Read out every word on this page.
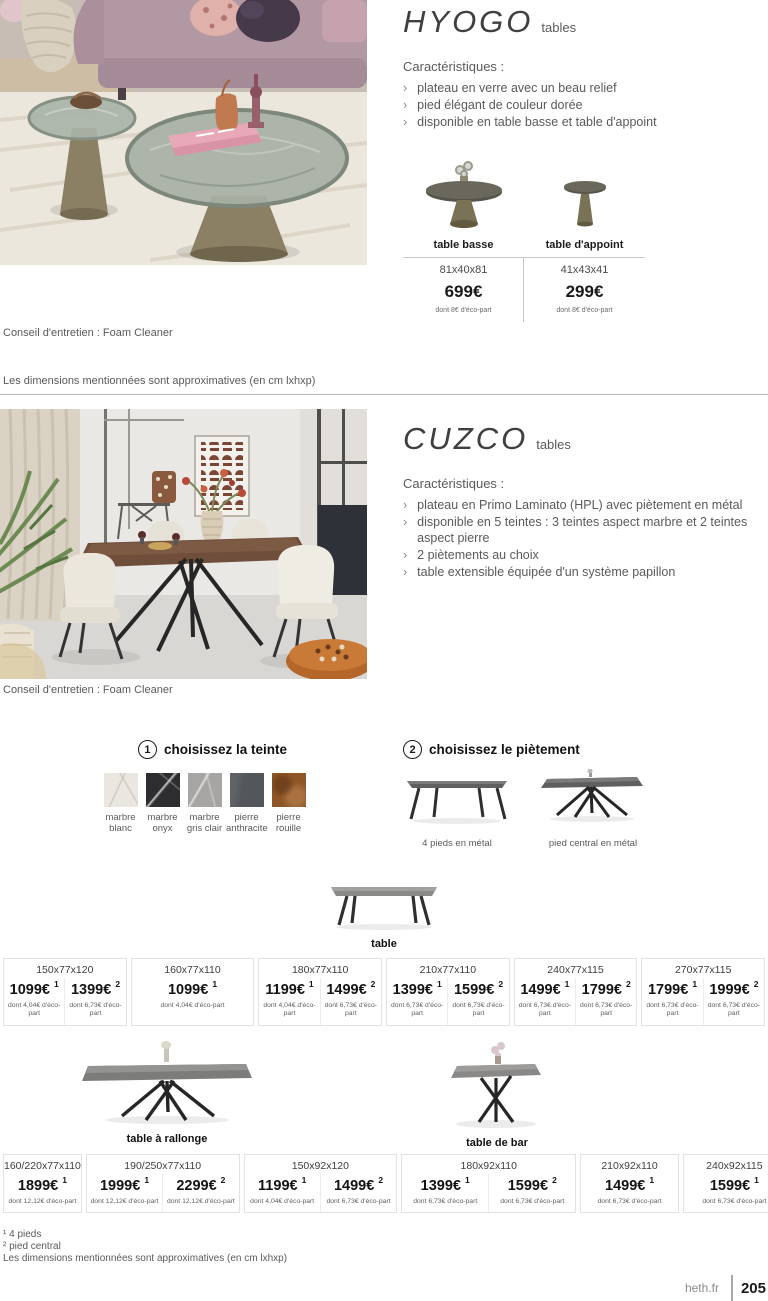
HYOGO tables
Caractéristiques :
› plateau en verre avec un beau relief
› pied élégant de couleur dorée
› disponible en table basse et table d'appoint
table basse
81x40x81
699€
dont 8€ d'éco-part
table d'appoint
41x43x41
299€
dont 8€ d'éco-part
Conseil d'entretien : Foam Cleaner
Les dimensions mentionnées sont approximatives (en cm lxhxp)
CUZCO tables
Caractéristiques :
› plateau en Primo Laminato (HPL) avec piètement en métal
› disponible en 5 teintes : 3 teintes aspect marbre et 2 teintes aspect pierre
› 2 piètements au choix
› table extensible équipée d'un système papillon
Conseil d'entretien : Foam Cleaner
1 choisissez la teinte
marbre blanc
marbre onyx
marbre gris clair
pierre anthracite
pierre rouille
2 choisissez le piètement
4 pieds en métal	pied central en métal
table
150x77x120
1099€ $^1$
dont 4,04€ d'éco-part
1399€ $^2$
dont 6,73€ d'éco-part
160x77x110
1099€ $^1$
dont 4,04€ d'éco-part
180x77x110
1199€ $^1$
dont 4,04€ d'éco-part
1499€ $^2$
dont 6,73€ d'éco-part
210x77x110
1399€ $^1$
dont 6,73€ d'éco-part
1599€ $^2$
dont 6,73€ d'éco-part
240x77x115
1499€ $^1$
dont 6,73€ d'éco-part
1799€ $^2$
dont 6,73€ d'éco-part
270x77x115
1799€ $^1$
dont 6,73€ d'éco-part
1999€ $^2$
dont 6,73€ d'éco-part
table à rallonge	table de bar
160/220x77x110
1899€ $^1$
dont 12,12€ d'éco-part
190/250x77x110
1999€ $^1$
dont 12,12€ d'éco-part
2299€ $^2$
dont 12,12€ d'éco-part
150x92x120
1199€ $^1$
dont 4,04€ d'éco-part
1499€ $^2$
dont 6,73€ d'éco-part
180x92x110
1399€ $^1$
dont 6,73€ d'éco-part
1599€ $^2$
dont 6,73€ d'éco-part
210x92x110
1499€ $^1$
dont 6,73€ d'éco-part
240x92x115
1599€ $^1$
dont 6,73€ d'éco-part
¹ 4 pieds
² pied central
Les dimensions mentionnées sont approximatives (en cm lxhxp)
heth.fr 205
